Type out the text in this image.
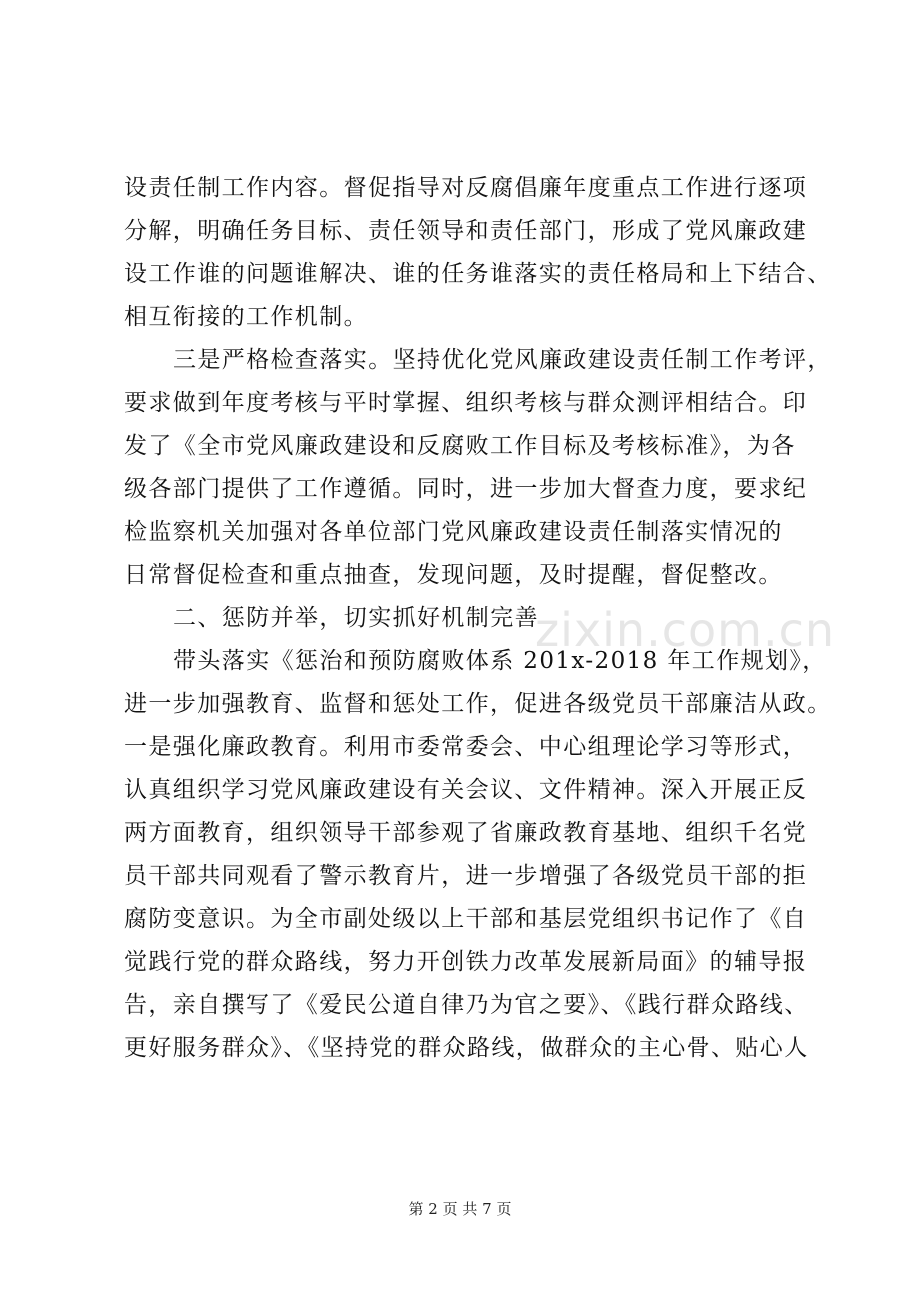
设责任制工作内容。督促指导对反腐倡廉年度重点工作进行逐项
分解，明确任务目标、责任领导和责任部门，形成了党风廉政建
设工作谁的问题谁解决、谁的任务谁落实的责任格局和上下结合、
相互衔接的工作机制。
三是严格检查落实。坚持优化党风廉政建设责任制工作考评，
要求做到年度考核与平时掌握、组织考核与群众测评相结合。印
发了《全市党风廉政建设和反腐败工作目标及考核标准》，为各
级各部门提供了工作遵循。同时，进一步加大督查力度，要求纪
检监察机关加强对各单位部门党风廉政建设责任制落实情况的
日常督促检查和重点抽查，发现问题，及时提醒，督促整改。
二、惩防并举，切实抓好机制完善
带头落实《惩治和预防腐败体系 201x-2018 年工作规划》，
进一步加强教育、监督和惩处工作，促进各级党员干部廉洁从政。
一是强化廉政教育。利用市委常委会、中心组理论学习等形式，
认真组织学习党风廉政建设有关会议、文件精神。深入开展正反
两方面教育，组织领导干部参观了省廉政教育基地、组织千名党
员干部共同观看了警示教育片，进一步增强了各级党员干部的拒
腐防变意识。为全市副处级以上干部和基层党组织书记作了《自
觉践行党的群众路线，努力开创铁力改革发展新局面》的辅导报
告，亲自撰写了《爱民公道自律乃为官之要》、《践行群众路线、
更好服务群众》、《坚持党的群众路线，做群众的主心骨、贴心人
zixin.com.cn
第 2 页 共 7 页
